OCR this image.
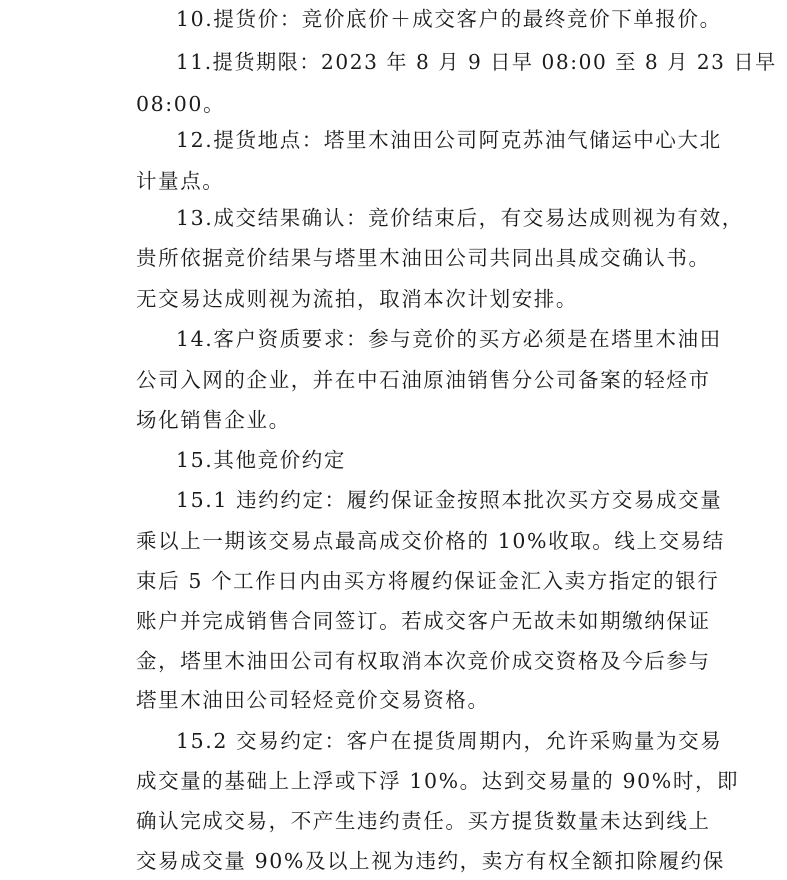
10.提货价：竞价底价＋成交客户的最终竞价下单报价。
11.提货期限：2023 年 8 月 9 日早 08:00 至 8 月 23 日早
08:00。
12.提货地点：塔里木油田公司阿克苏油气储运中心大北
计量点。
13.成交结果确认：竞价结束后，有交易达成则视为有效，
贵所依据竞价结果与塔里木油田公司共同出具成交确认书。
无交易达成则视为流拍，取消本次计划安排。
14.客户资质要求：参与竞价的买方必须是在塔里木油田
公司入网的企业，并在中石油原油销售分公司备案的轻烃市
场化销售企业。
15.其他竞价约定
15.1 违约约定：履约保证金按照本批次买方交易成交量
乘以上一期该交易点最高成交价格的 10%收取。线上交易结
束后 5 个工作日内由买方将履约保证金汇入卖方指定的银行
账户并完成销售合同签订。若成交客户无故未如期缴纳保证
金，塔里木油田公司有权取消本次竞价成交资格及今后参与
塔里木油田公司轻烃竞价交易资格。
15.2 交易约定：客户在提货周期内，允许采购量为交易
成交量的基础上上浮或下浮 10%。达到交易量的 90%时，即
确认完成交易，不产生违约责任。买方提货数量未达到线上
交易成交量 90%及以上视为违约，卖方有权全额扣除履约保
